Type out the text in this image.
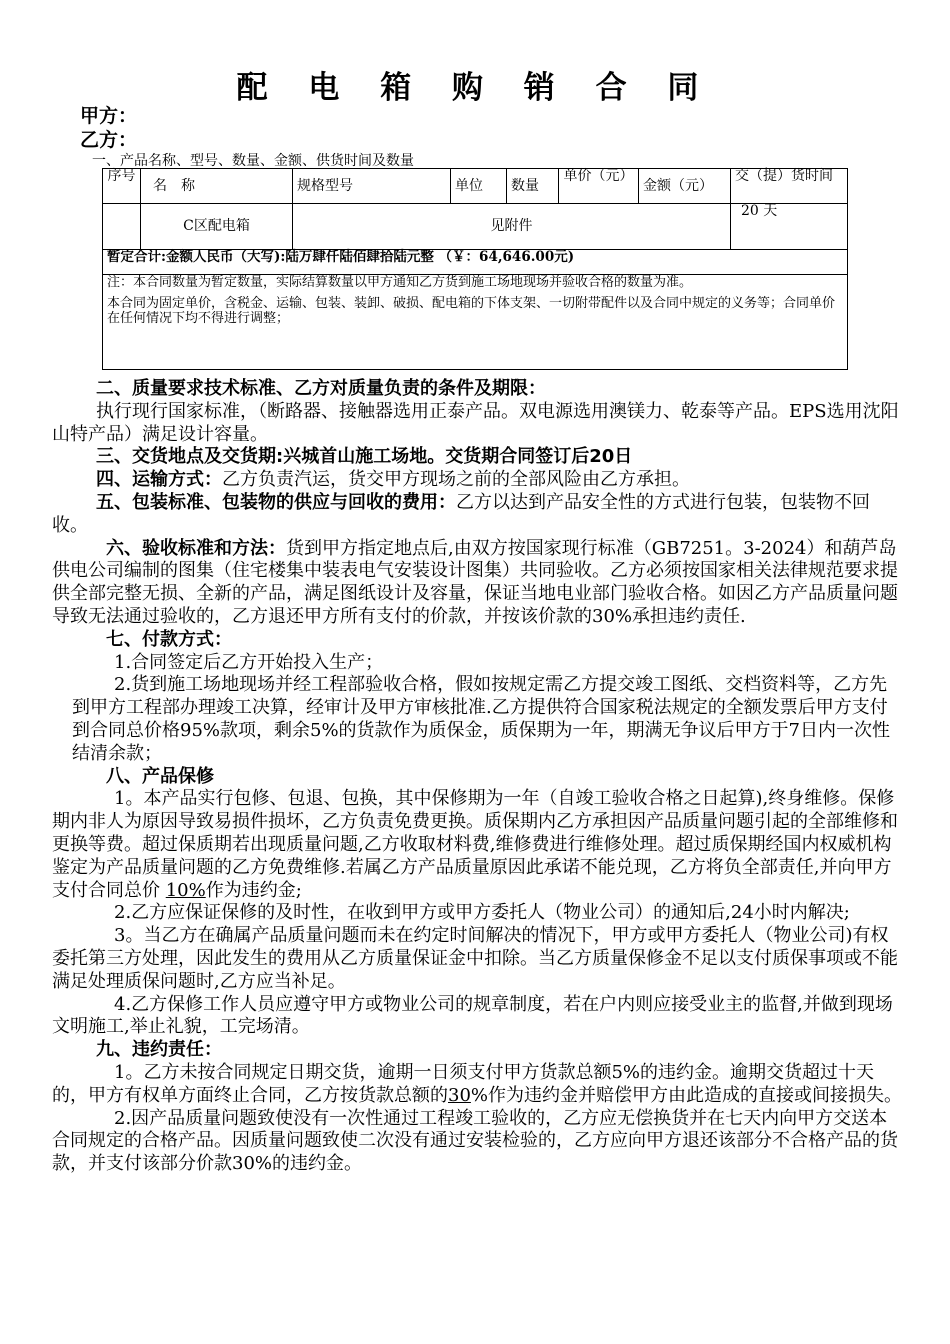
配 电 箱 购 销 合 同
甲方：
乙方：
一、产品名称、型号、数量、金额、供货时间及数量
序号	名　称	规格型号	单位	数量	单价（元）	金额（元）	交（提）货时间
	C区配电箱	见附件					20 天
暂定合计:金额人民币（大写):陆万肆仟陆佰肆拾陆元整 （￥：64,646.00元)							

注：本合同数量为暂定数量，实际结算数量以甲方通知乙方货到施工场地现场并验收合格的数量为准。

本合同为固定单价，含税金、运输、包装、装卸、破损、配电箱的下体支架、一切附带配件以及合同中规定的义务等；合同单价在任何情况下均不得进行调整；							

二、质量要求技术标准、乙方对质量负责的条件及期限：

执行现行国家标准，（断路器、接触器选用正泰产品。双电源选用澳镁力、乾泰等产品。EPS选用沈阳山特产品）满足设计容量。

三、交货地点及交货期:兴城首山施工场地。交货期合同签订后20日

四、运输方式：乙方负责汽运，货交甲方现场之前的全部风险由乙方承担。

五、包装标准、包装物的供应与回收的费用：乙方以达到产品安全性的方式进行包装，包装物不回收。

六、验收标准和方法：货到甲方指定地点后,由双方按国家现行标准（GB7251。3-2024）和葫芦岛供电公司编制的图集（住宅楼集中装表电气安装设计图集）共同验收。乙方必须按国家相关法律规范要求提供全部完整无损、全新的产品，满足图纸设计及容量，保证当地电业部门验收合格。如因乙方产品质量问题导致无法通过验收的，乙方退还甲方所有支付的价款，并按该价款的30%承担违约责任.

七、付款方式：

1.合同签定后乙方开始投入生产；

2.货到施工场地现场并经工程部验收合格，假如按规定需乙方提交竣工图纸、交档资料等，乙方先到甲方工程部办理竣工决算，经审计及甲方审核批准.乙方提供符合国家税法规定的全额发票后甲方支付到合同总价格95%款项，剩余5%的货款作为质保金，质保期为一年，期满无争议后甲方于7日内一次性结清余款；

八、产品保修

1。本产品实行包修、包退、包换，其中保修期为一年（自竣工验收合格之日起算),终身维修。保修期内非人为原因导致易损件损坏，乙方负责免费更换。质保期内乙方承担因产品质量问题引起的全部维修和更换等费。超过保质期若出现质量问题,乙方收取材料费,维修费进行维修处理。超过质保期经国内权威机构鉴定为产品质量问题的乙方免费维修.若属乙方产品质量原因此承诺不能兑现，乙方将负全部责任,并向甲方支付合同总价 10%作为违约金;

2.乙方应保证保修的及时性，在收到甲方或甲方委托人（物业公司）的通知后,24小时内解决;

3。当乙方在确属产品质量问题而未在约定时间解决的情况下，甲方或甲方委托人（物业公司)有权委托第三方处理，因此发生的费用从乙方质量保证金中扣除。当乙方质量保修金不足以支付质保事项或不能满足处理质保问题时,乙方应当补足。

4.乙方保修工作人员应遵守甲方或物业公司的规章制度，若在户内则应接受业主的监督,并做到现场文明施工,举止礼貌，工完场清。

九、违约责任：

1。乙方未按合同规定日期交货，逾期一日须支付甲方货款总额5%的违约金。逾期交货超过十天的，甲方有权单方面终止合同，乙方按货款总额的30%作为违约金并赔偿甲方由此造成的直接或间接损失。

2.因产品质量问题致使没有一次性通过工程竣工验收的，乙方应无偿换货并在七天内向甲方交送本合同规定的合格产品。因质量问题致使二次没有通过安装检验的，乙方应向甲方退还该部分不合格产品的货款，并支付该部分价款30%的违约金。
